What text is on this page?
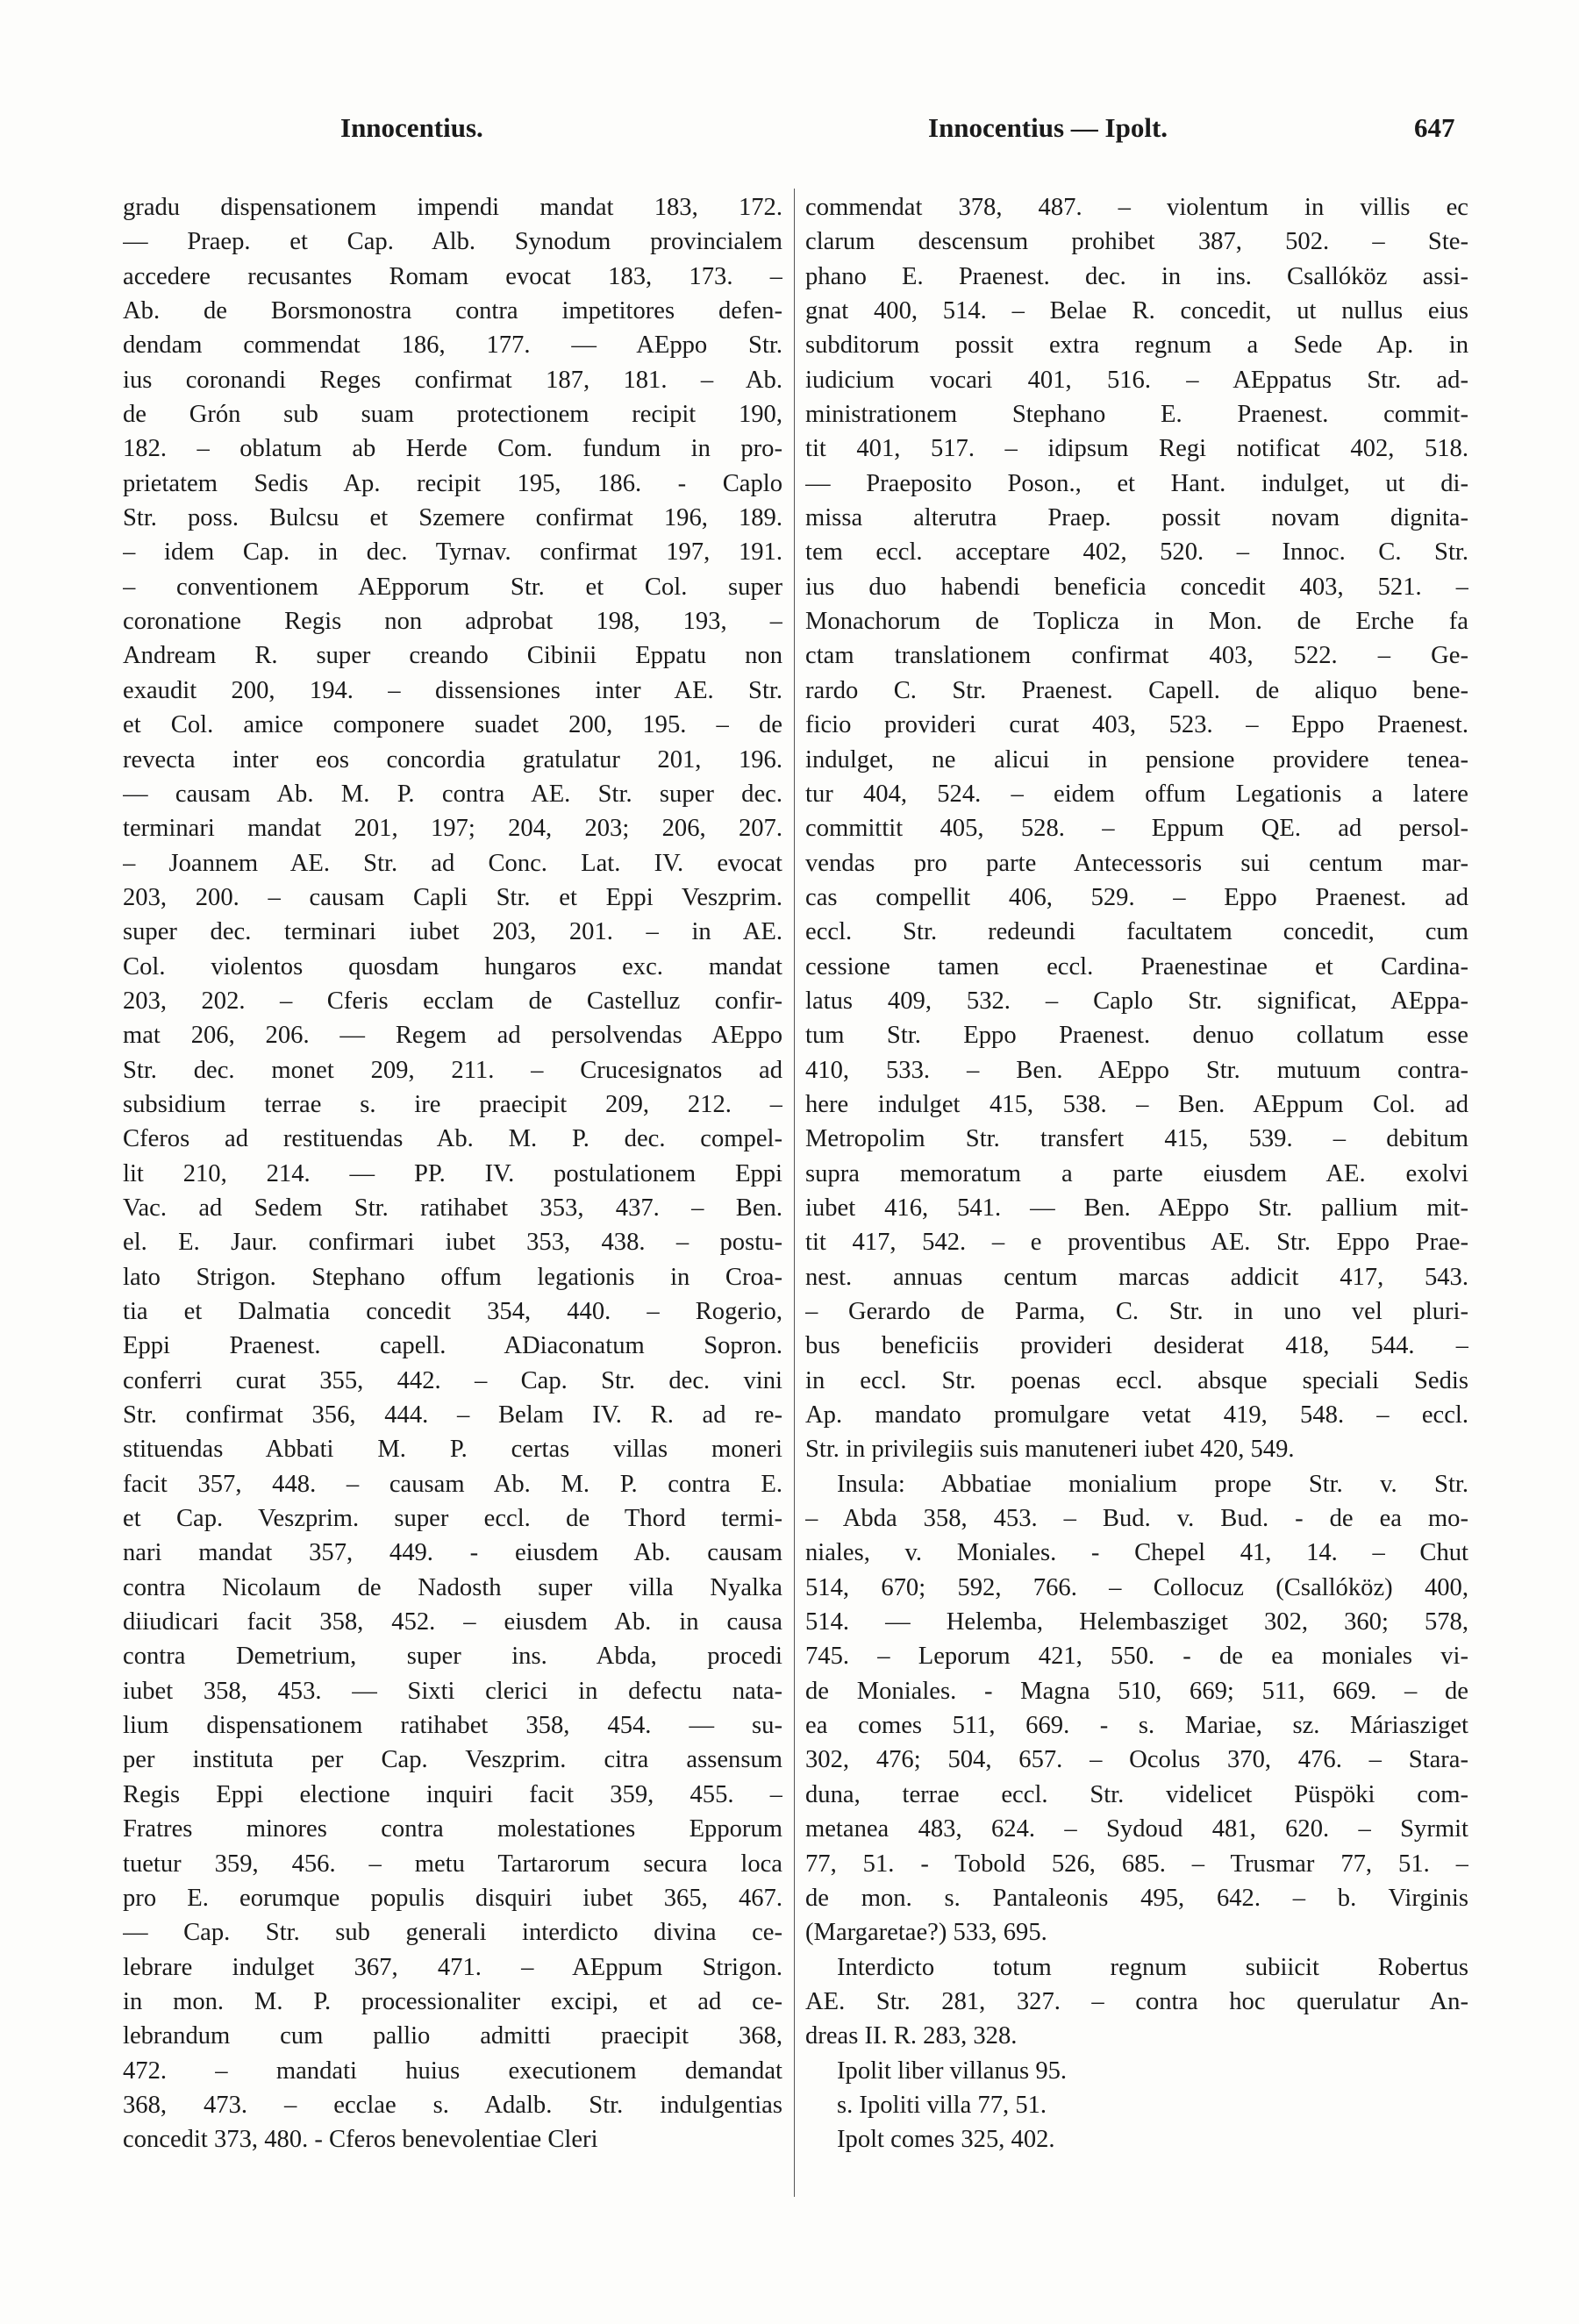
Innocentius.	Innocentius — Ipolt.	647
gradu dispensationem impendi mandat 183, 172.
— Praep. et Cap. Alb. Synodum provincialem
accedere recusantes Romam evocat 183, 173. –
Ab. de Borsmonostra contra impetitores defen-
dendam commendat 186, 177. — AEppo Str.
ius coronandi Reges confirmat 187, 181. – Ab.
de Grón sub suam protectionem recipit 190,
182. – oblatum ab Herde Com. fundum in pro-
prietatem Sedis Ap. recipit 195, 186. - Caplo
Str. poss. Bulcsu et Szemere confirmat 196, 189.
– idem Cap. in dec. Tyrnav. confirmat 197, 191.
– conventionem AEpporum Str. et Col. super
coronatione Regis non adprobat 198, 193, –
Andream R. super creando Cibinii Eppatu non
exaudit 200, 194. – dissensiones inter AE. Str.
et Col. amice componere suadet 200, 195. – de
revecta inter eos concordia gratulatur 201, 196.
— causam Ab. M. P. contra AE. Str. super dec.
terminari mandat 201, 197; 204, 203; 206, 207.
– Joannem AE. Str. ad Conc. Lat. IV. evocat
203, 200. – causam Capli Str. et Eppi Veszprim.
super dec. terminari iubet 203, 201. – in AE.
Col. violentos quosdam hungaros exc. mandat
203, 202. – Cferis ecclam de Castelluz confir-
mat 206, 206. — Regem ad persolvendas AEppo
Str. dec. monet 209, 211. – Crucesignatos ad
subsidium terrae s. ire praecipit 209, 212. –
Cferos ad restituendas Ab. M. P. dec. compel-
lit 210, 214. — PP. IV. postulationem Eppi
Vac. ad Sedem Str. ratihabet 353, 437. – Ben.
el. E. Jaur. confirmari iubet 353, 438. – postu-
lato Strigon. Stephano offum legationis in Croa-
tia et Dalmatia concedit 354, 440. – Rogerio,
Eppi Praenest. capell. ADiaconatum Sopron.
conferri curat 355, 442. – Cap. Str. dec. vini
Str. confirmat 356, 444. – Belam IV. R. ad re-
stituendas Abbati M. P. certas villas moneri
facit 357, 448. – causam Ab. M. P. contra E.
et Cap. Veszprim. super eccl. de Thord termi-
nari mandat 357, 449. - eiusdem Ab. causam
contra Nicolaum de Nadosth super villa Nyalka
diiudicari facit 358, 452. – eiusdem Ab. in causa
contra Demetrium, super ins. Abda, procedi
iubet 358, 453. — Sixti clerici in defectu nata-
lium dispensationem ratihabet 358, 454. — su-
per instituta per Cap. Veszprim. citra assensum
Regis Eppi electione inquiri facit 359, 455. –
Fratres minores contra molestationes Epporum
tuetur 359, 456. – metu Tartarorum secura loca
pro E. eorumque populis disquiri iubet 365, 467.
— Cap. Str. sub generali interdicto divina ce-
lebrare indulget 367, 471. – AEppum Strigon.
in mon. M. P. processionaliter excipi, et ad ce-
lebrandum cum pallio admitti praecipit 368,
472. – mandati huius executionem demandat
368, 473. – ecclae s. Adalb. Str. indulgentias
concedit 373, 480. - Cferos benevolentiae Cleri
commendat 378, 487. – violentum in villis ec
clarum descensum prohibet 387, 502. – Ste-
phano E. Praenest. dec. in ins. Csallóköz assi-
gnat 400, 514. – Belae R. concedit, ut nullus eius
subditorum possit extra regnum a Sede Ap. in
iudicium vocari 401, 516. – AEppatus Str. ad-
ministrationem Stephano E. Praenest. commit-
tit 401, 517. – idipsum Regi notificat 402, 518.
— Praeposito Poson., et Hant. indulget, ut di-
missa alterutra Praep. possit novam dignita-
tem eccl. acceptare 402, 520. – Innoc. C. Str.
ius duo habendi beneficia concedit 403, 521. –
Monachorum de Toplicza in Mon. de Erche fa
ctam translationem confirmat 403, 522. – Ge-
rardo C. Str. Praenest. Capell. de aliquo bene-
ficio provideri curat 403, 523. – Eppo Praenest.
indulget, ne alicui in pensione providere tenea-
tur 404, 524. – eidem offum Legationis a latere
committit 405, 528. – Eppum QE. ad persol-
vendas pro parte Antecessoris sui centum mar-
cas compellit 406, 529. – Eppo Praenest. ad
eccl. Str. redeundi facultatem concedit, cum
cessione tamen eccl. Praenestinae et Cardina-
latus 409, 532. – Caplo Str. significat, AEppa-
tum Str. Eppo Praenest. denuo collatum esse
410, 533. – Ben. AEppo Str. mutuum contra-
here indulget 415, 538. – Ben. AEppum Col. ad
Metropolim Str. transfert 415, 539. – debitum
supra memoratum a parte eiusdem AE. exolvi
iubet 416, 541. — Ben. AEppo Str. pallium mit-
tit 417, 542. – e proventibus AE. Str. Eppo Prae-
nest. annuas centum marcas addicit 417, 543.
– Gerardo de Parma, C. Str. in uno vel pluri-
bus beneficiis provideri desiderat 418, 544. –
in eccl. Str. poenas eccl. absque speciali Sedis
Ap. mandato promulgare vetat 419, 548. – eccl.
Str. in privilegiis suis manuteneri iubet 420, 549.
Insula: Abbatiae monialium prope Str. v. Str.
– Abda 358, 453. – Bud. v. Bud. - de ea mo-
niales, v. Moniales. - Chepel 41, 14. – Chut
514, 670; 592, 766. – Collocuz (Csallóköz) 400,
514. — Helemba, Helembasziget 302, 360; 578,
745. – Leporum 421, 550. - de ea moniales vi-
de Moniales. - Magna 510, 669; 511, 669. – de
ea comes 511, 669. - s. Mariae, sz. Máriasziget
302, 476; 504, 657. – Ocolus 370, 476. – Stara-
duna, terrae eccl. Str. videlicet Püspöki com-
metanea 483, 624. – Sydoud 481, 620. – Syrmit
77, 51. - Tobold 526, 685. – Trusmar 77, 51. –
de mon. s. Pantaleonis 495, 642. – b. Virginis
(Margaretae?) 533, 695.
Interdicto totum regnum subiicit Robertus
AE. Str. 281, 327. – contra hoc querulatur An-
dreas II. R. 283, 328.
Ipolit liber villanus 95.
s. Ipoliti villa 77, 51.
Ipolt comes 325, 402.
